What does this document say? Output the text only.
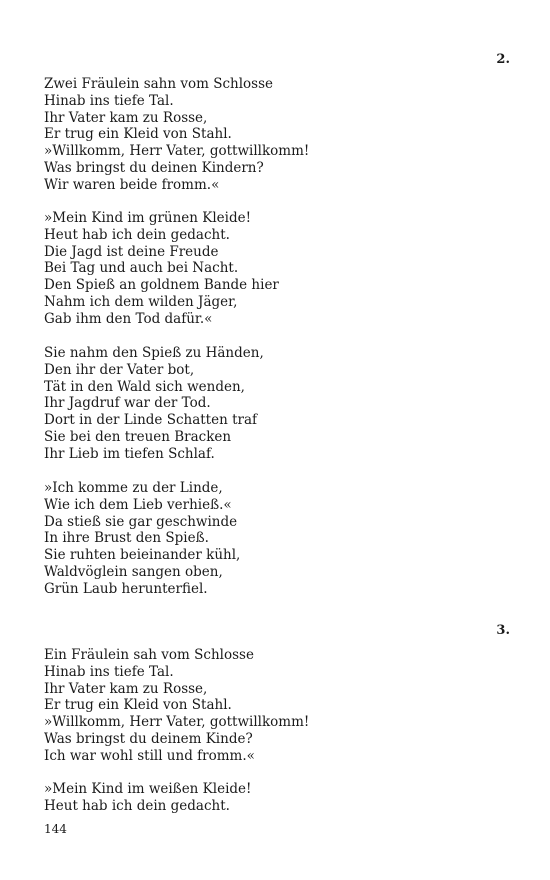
2.
Zwei Fräulein sahn vom Schlosse
Hinab ins tiefe Tal.
Ihr Vater kam zu Rosse,
Er trug ein Kleid von Stahl.
»Willkomm, Herr Vater, gottwillkomm!
Was bringst du deinen Kindern?
Wir waren beide fromm.«
»Mein Kind im grünen Kleide!
Heut hab ich dein gedacht.
Die Jagd ist deine Freude
Bei Tag und auch bei Nacht.
Den Spieß an goldnem Bande hier
Nahm ich dem wilden Jäger,
Gab ihm den Tod dafür.«
Sie nahm den Spieß zu Händen,
Den ihr der Vater bot,
Tät in den Wald sich wenden,
Ihr Jagdruf war der Tod.
Dort in der Linde Schatten traf
Sie bei den treuen Bracken
Ihr Lieb im tiefen Schlaf.
»Ich komme zu der Linde,
Wie ich dem Lieb verhieß.«
Da stieß sie gar geschwinde
In ihre Brust den Spieß.
Sie ruhten beieinander kühl,
Waldvöglein sangen oben,
Grün Laub herunterfiel.
3.
Ein Fräulein sah vom Schlosse
Hinab ins tiefe Tal.
Ihr Vater kam zu Rosse,
Er trug ein Kleid von Stahl.
»Willkomm, Herr Vater, gottwillkomm!
Was bringst du deinem Kinde?
Ich war wohl still und fromm.«
»Mein Kind im weißen Kleide!
Heut hab ich dein gedacht.
144
